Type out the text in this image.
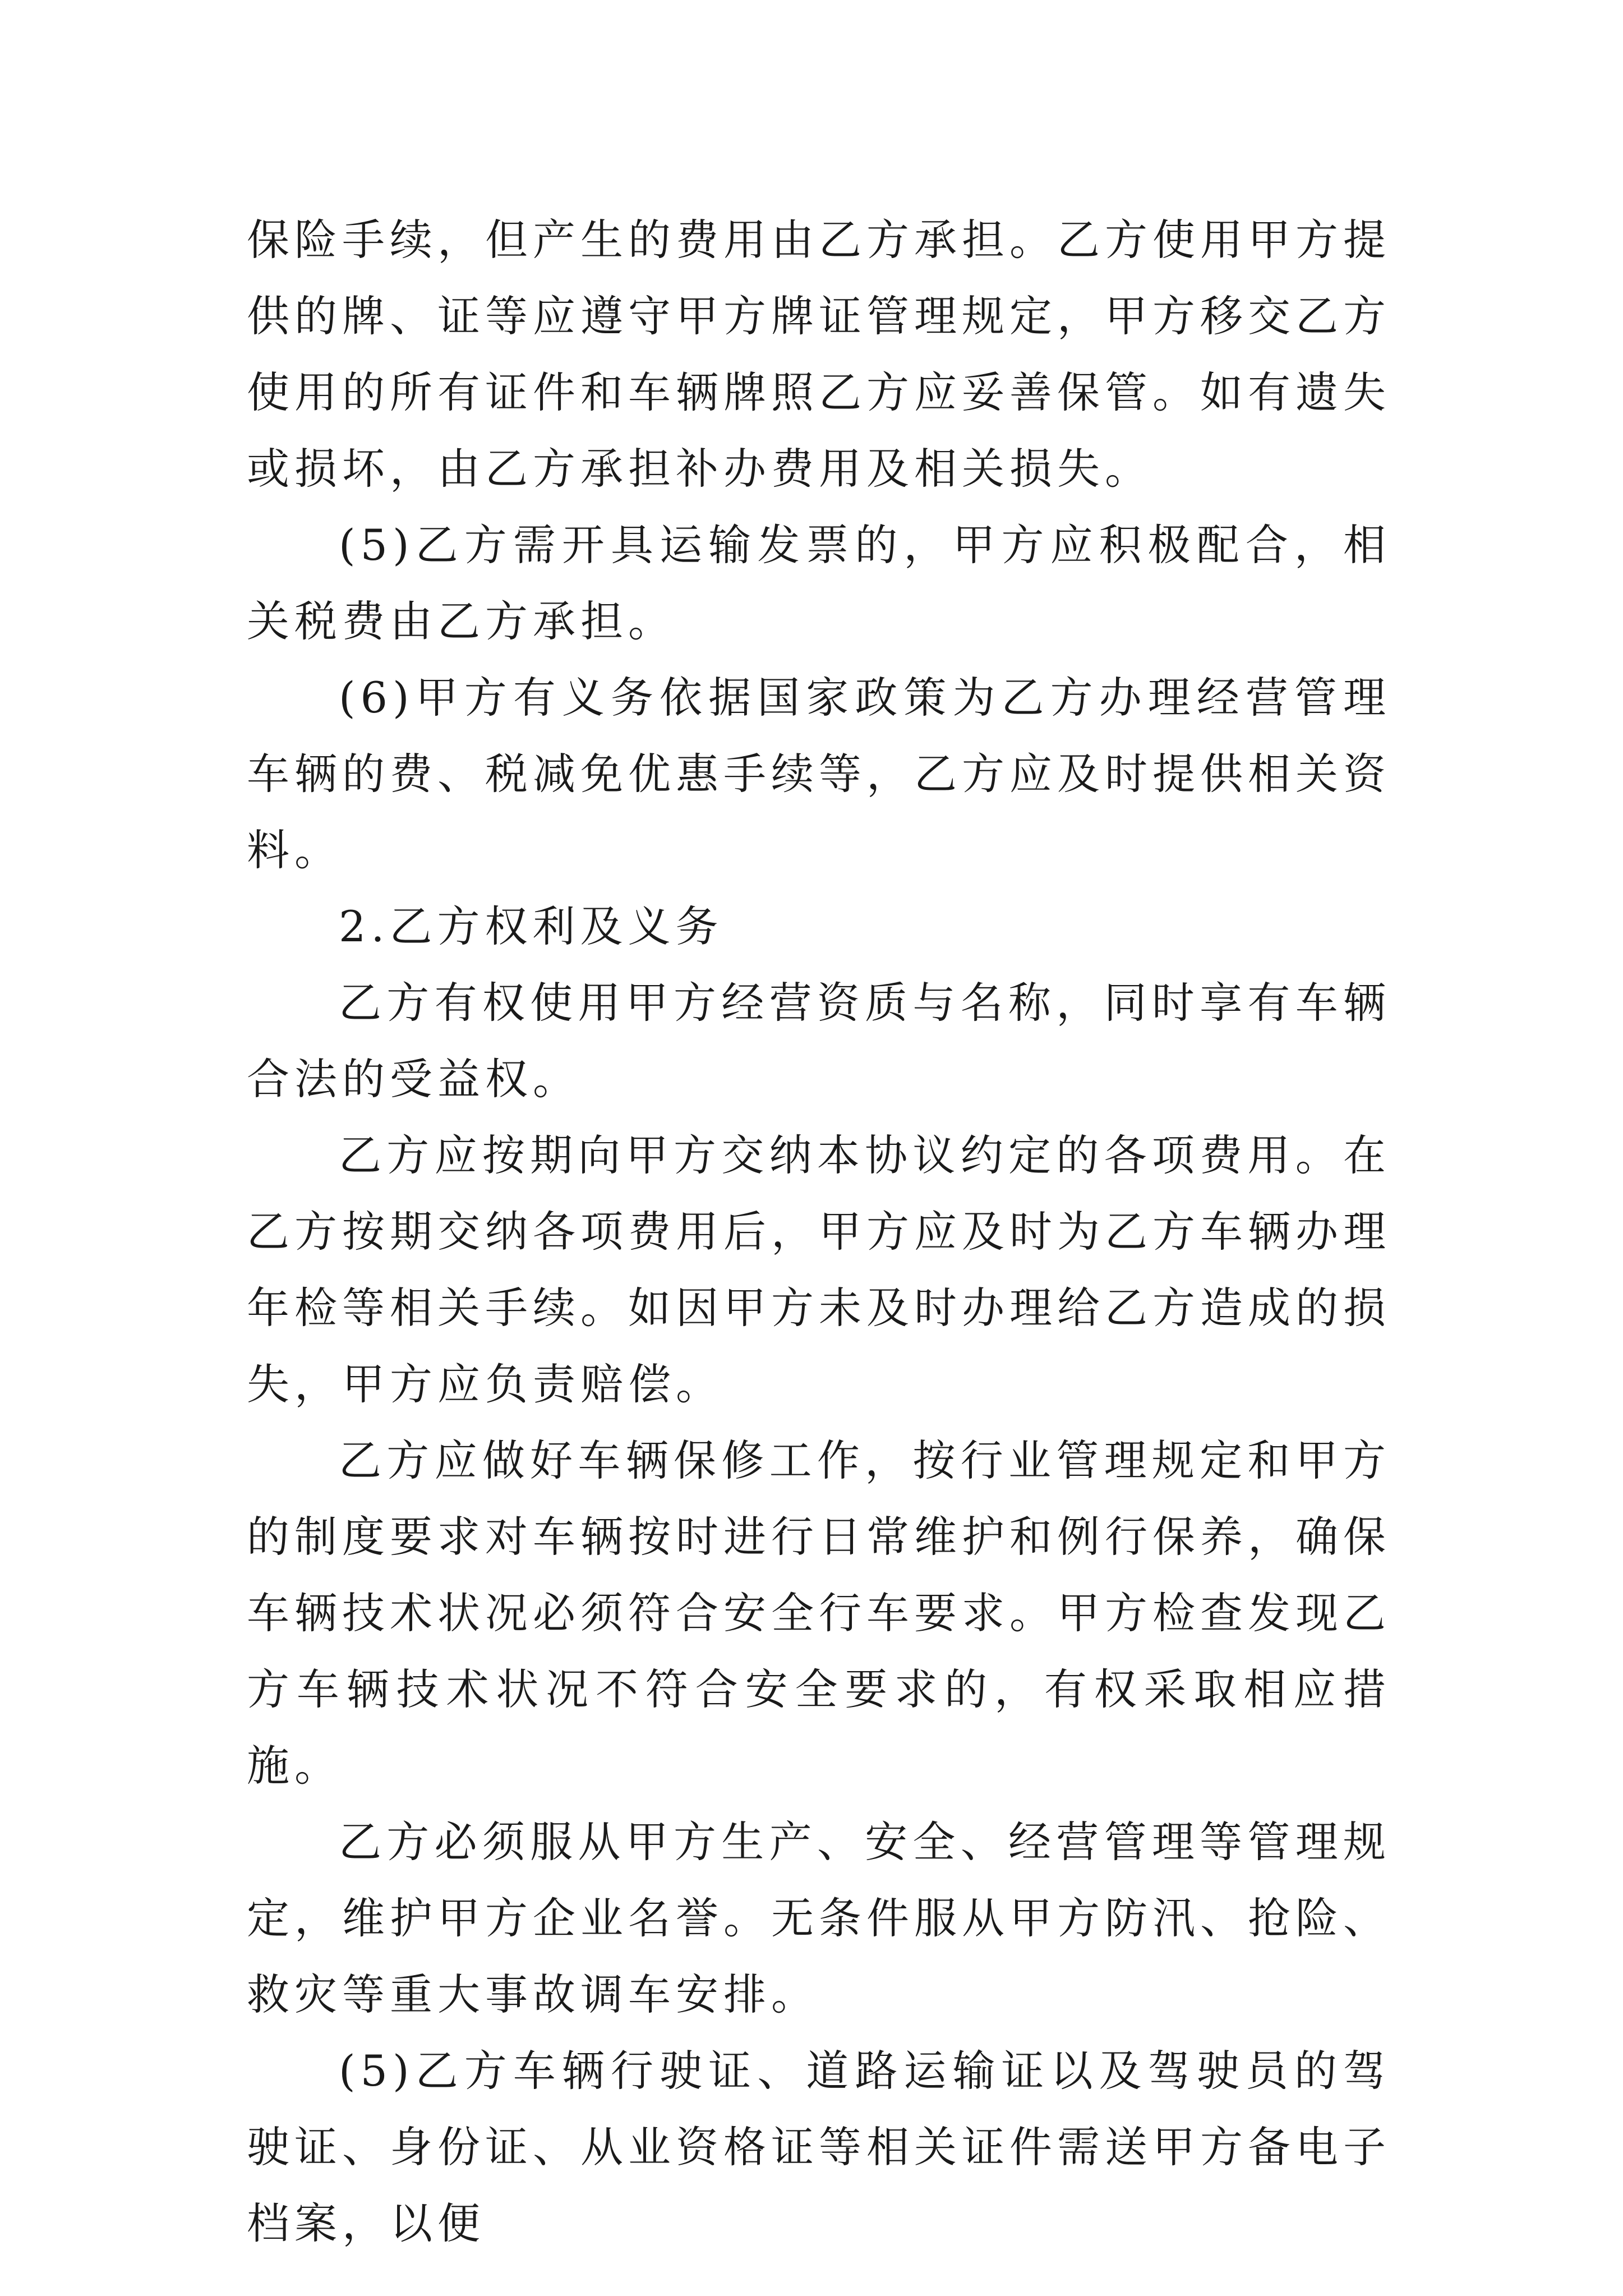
保险手续，但产生的费用由乙方承担。乙方使用甲方提供的牌、证等应遵守甲方牌证管理规定，甲方移交乙方使用的所有证件和车辆牌照乙方应妥善保管。如有遗失或损坏，由乙方承担补办费用及相关损失。

(5)乙方需开具运输发票的，甲方应积极配合，相关税费由乙方承担。

(6)甲方有义务依据国家政策为乙方办理经营管理车辆的费、税减免优惠手续等，乙方应及时提供相关资料。

2.乙方权利及义务

乙方有权使用甲方经营资质与名称，同时享有车辆合法的受益权。

乙方应按期向甲方交纳本协议约定的各项费用。在乙方按期交纳各项费用后，甲方应及时为乙方车辆办理年检等相关手续。如因甲方未及时办理给乙方造成的损失，甲方应负责赔偿。

乙方应做好车辆保修工作，按行业管理规定和甲方的制度要求对车辆按时进行日常维护和例行保养，确保车辆技术状况必须符合安全行车要求。甲方检查发现乙方车辆技术状况不符合安全要求的，有权采取相应措施。

乙方必须服从甲方生产、安全、经营管理等管理规定，维护甲方企业名誉。无条件服从甲方防汛、抢险、救灾等重大事故调车安排。

(5)乙方车辆行驶证、道路运输证以及驾驶员的驾驶证、身份证、从业资格证等相关证件需送甲方备电子档案，以便
